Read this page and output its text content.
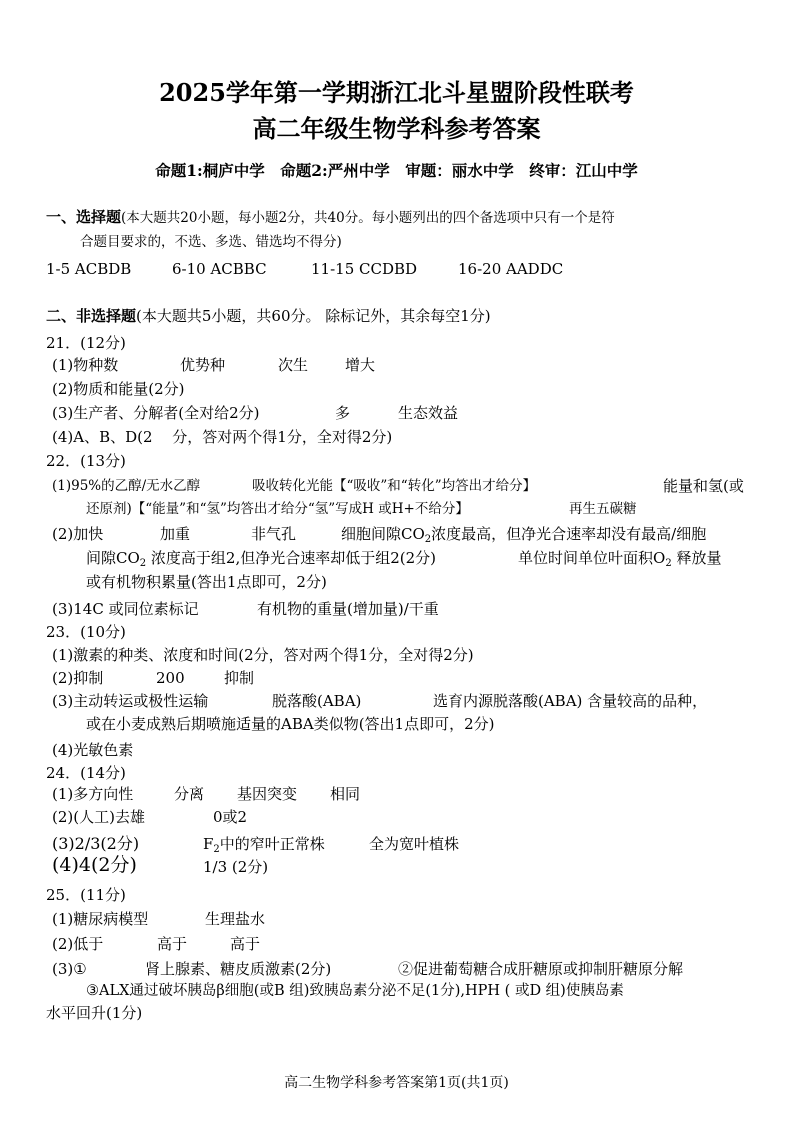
2025学年第一学期浙江北斗星盟阶段性联考
高二年级生物学科参考答案
命题1:桐庐中学　命题2:严州中学　审题：丽水中学　终审：江山中学
一、选择题(本大题共20小题，每小题2分，共40分。每小题列出的四个备选项中只有一个是符
合题目要求的，不选、多选、错选均不得分)
1-5 ACBDB	6-10 ACBBC	11-15 CCDBD	16-20 AADDC
二、非选择题(本大题共5小题，共60分。 除标记外，其余每空1分)
21．(12分)
(1)物种数	优势种	次生 增大
(2)物质和能量(2分)
(3)生产者、分解者(全对给2分)	多	生态效益
(4)A、B、D(2　 分，答对两个得1分，全对得2分)
22．(13分)
(1)95%的乙醇/无水乙醇	吸收转化光能【“吸收”和“转化”均答出才给分】	能量和氢(或
还原剂)【“能量”和“氢”均答出才给分“氢”写成H 或H+不给分】	再生五碳糖
(2)加快	加重	非气孔	细胞间隙$CO_2$浓度最高，但净光合速率却没有最高/细胞
间隙$CO_2$ 浓度高于组2,但净光合速率却低于组2(2分)	单位时间单位叶面积$O_2$ 释放量
或有机物积累量(答出1点即可，2分)
(3)14C 或同位素标记	有机物的重量(增加量)/干重
23．(10分)
(1)激素的种类、浓度和时间(2分，答对两个得1分，全对得2分)
(2)抑制	200	抑制
(3)主动转运或极性运输	脱落酸(ABA)	选育内源脱落酸(ABA) 含量较高的品种，
或在小麦成熟后期喷施适量的ABA类似物(答出1点即可，2分)
(4)光敏色素
24．(14分)
(1)多方向性	分离 基因突变 相同
(2)(人工)去雄	0或2
(3)2/3(2分)	$F_2$中的窄叶正常株	全为宽叶植株
(4)4(2分)	1/3 (2分)
25．(11分)
(1)糖尿病模型	生理盐水
(2)低于	高于	高于
(3)①	肾上腺素、糖皮质激素(2分)	②促进葡萄糖合成肝糖原或抑制肝糖原分解
③ALX通过破坏胰岛β细胞(或B 组)致胰岛素分泌不足(1分),HPH ( 或D 组)使胰岛素
水平回升(1分)
高二生物学科参考答案第1页(共1页)
